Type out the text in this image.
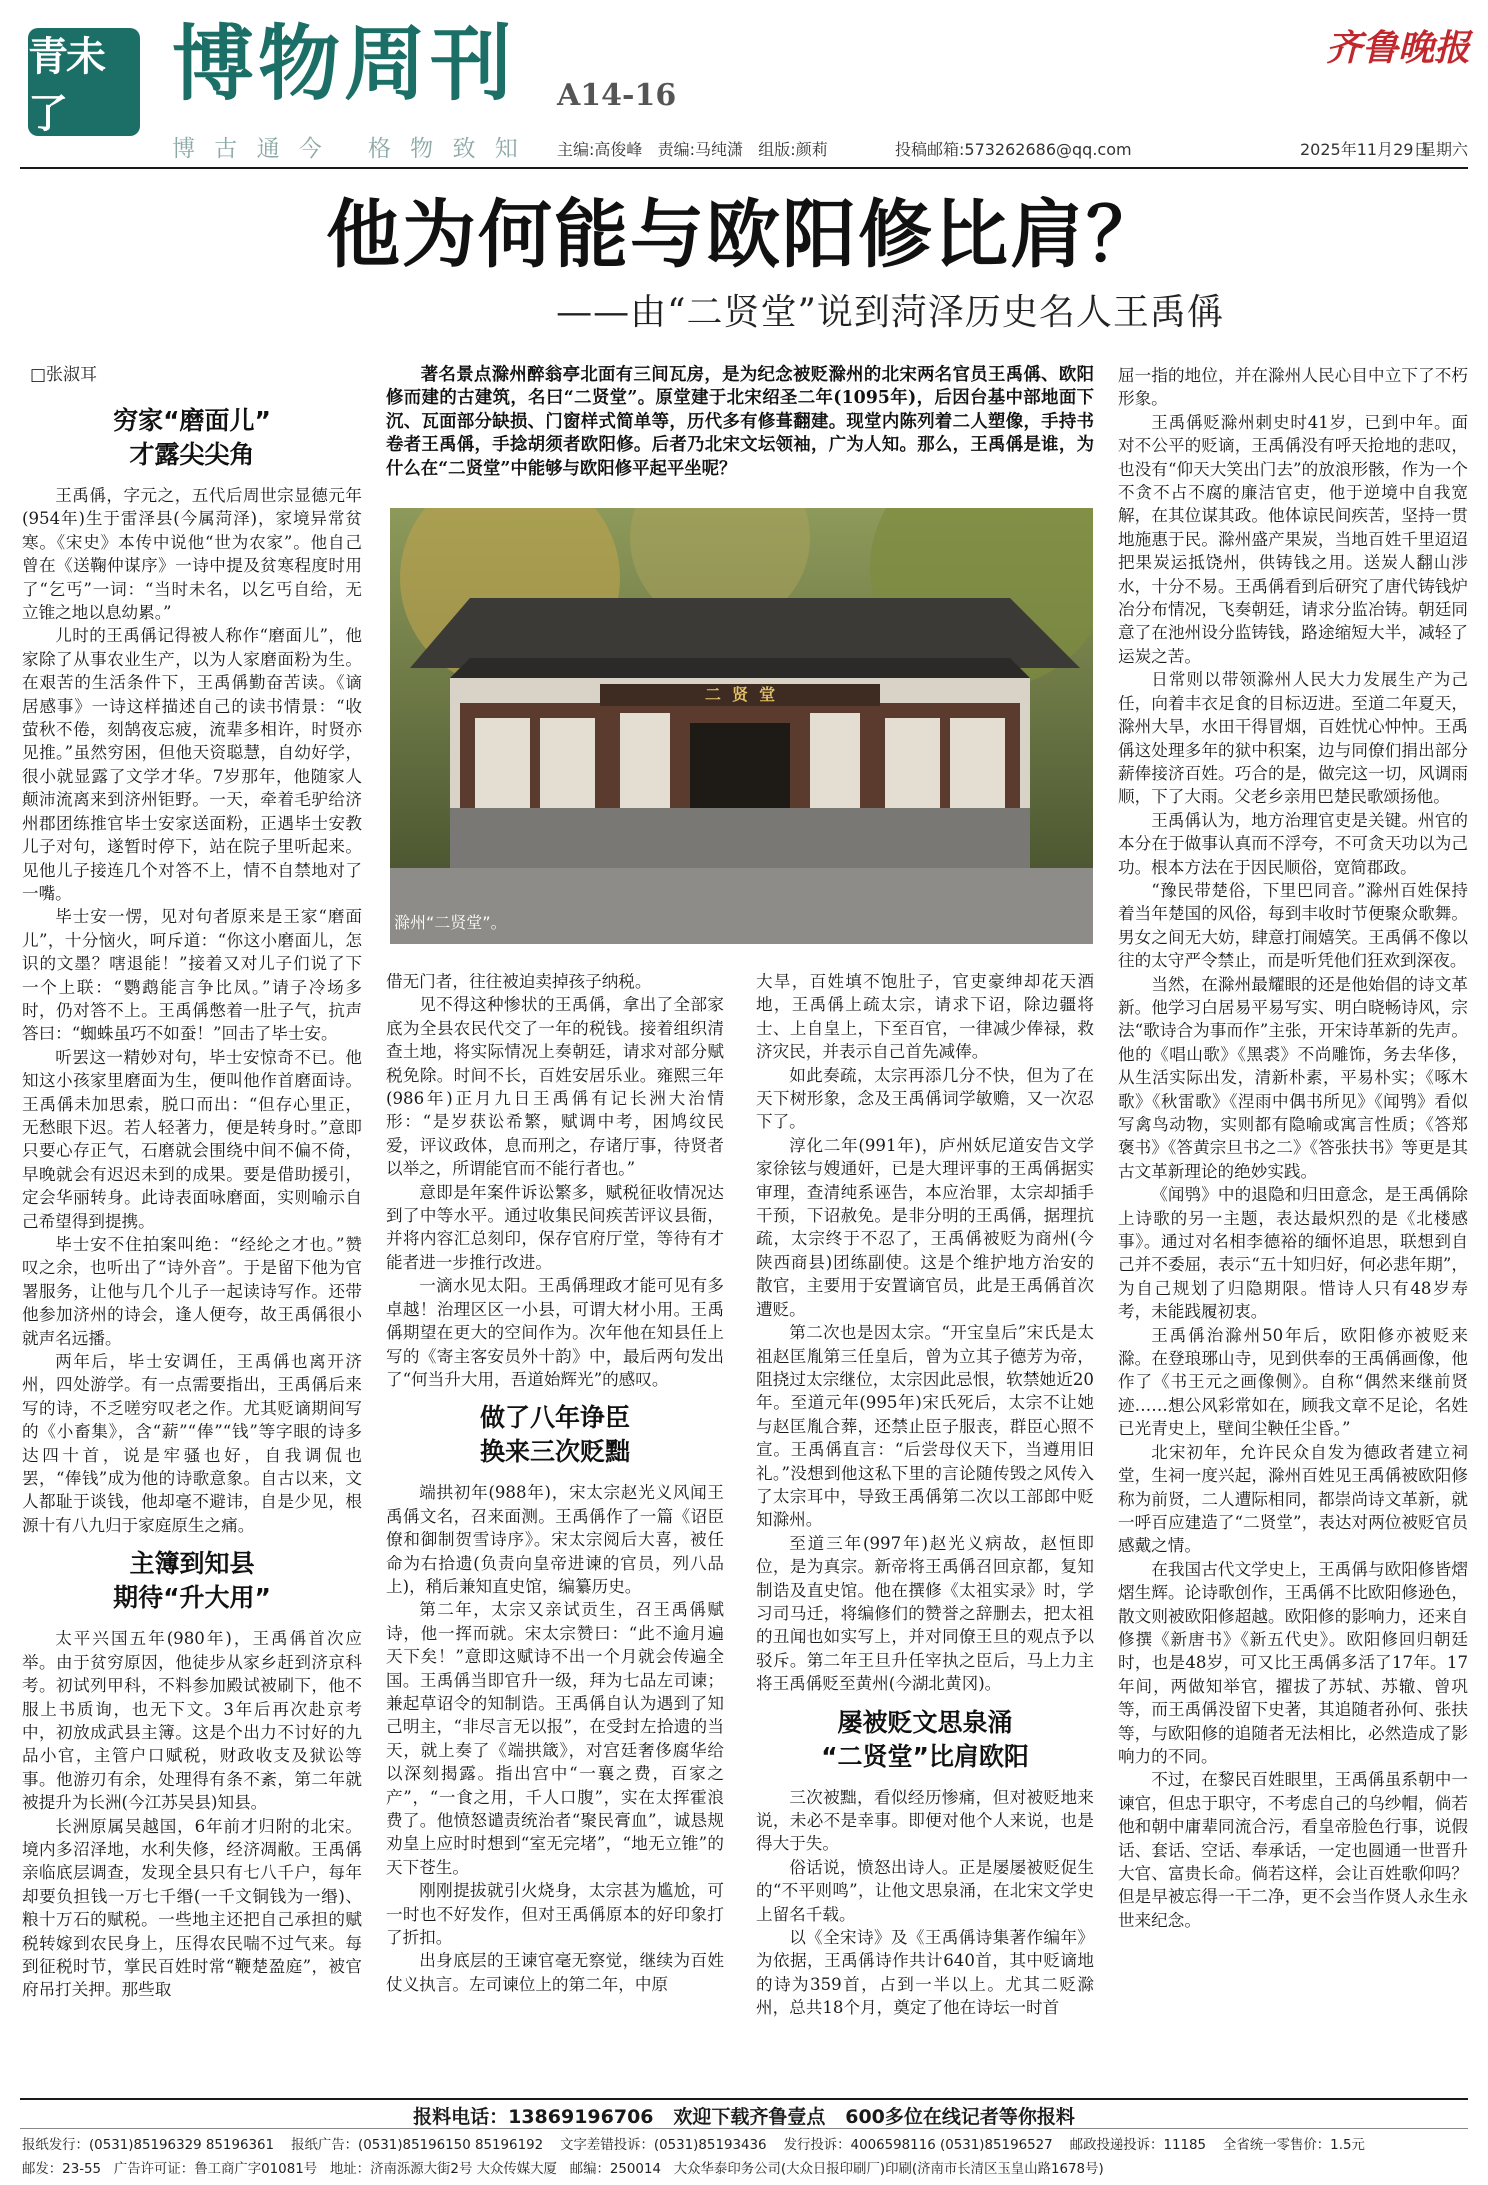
青未了
博物周刊 A14-16
齐鲁晚报
博 古 通 今   格 物 致 知 主编:高俊峰   责编:马纯潇   组版:颜莉	投稿邮箱:573262686@qq.com	2025年11月29日
星期六
他为何能与欧阳修比肩？
——由“二贤堂”说到菏泽历史名人王禹偁
□张淑耳	著名景点滁州醉翁亭北面有三间瓦房，是为纪念被贬滁州的北宋两名官员王禹偁、欧阳修而建的古建筑，名曰“二贤堂”。原堂建于北宋绍圣二年(1095年)，后因台基中部地面下沉、瓦面部分缺损、门窗样式简单等，历代多有修葺翻建。现堂内陈列着二人塑像，手持书卷者王禹偁，手捻胡须者欧阳修。后者乃北宋文坛领袖，广为人知。那么，王禹偁是谁，为什么在“二贤堂”中能够与欧阳修平起平坐呢？
二  贤  堂
滁州“二贤堂”。
穷家“磨面儿”
才露尖尖角

王禹偁，字元之，五代后周世宗显德元年(954年)生于雷泽县(今属菏泽)，家境异常贫寒。《宋史》本传中说他“世为农家”。他自己曾在《送鞠仲谋序》一诗中提及贫寒程度时用了“乞丐”一词：“当时未名，以乞丐自给，无立锥之地以息幼累。”

儿时的王禹偁记得被人称作“磨面儿”，他家除了从事农业生产，以为人家磨面粉为生。在艰苦的生活条件下，王禹偁勤奋苦读。《谪居感事》一诗这样描述自己的读书情景：“收萤秋不倦，刻鹄夜忘疲，流辈多相许，时贤亦见推。”虽然穷困，但他天资聪慧，自幼好学，很小就显露了文学才华。7岁那年，他随家人颠沛流离来到济州钜野。一天，牵着毛驴给济州郡团练推官毕士安家送面粉，正遇毕士安教儿子对句，遂暂时停下，站在院子里听起来。见他儿子接连几个对答不上，情不自禁地对了一嘴。

毕士安一愣，见对句者原来是王家“磨面儿”，十分恼火，呵斥道：“你这小磨面儿，怎识的文墨？嗐退能！”接着又对儿子们说了下一个上联：“鹦鹉能言争比凤。”请子冷场多时，仍对答不上。王禹偁憋着一肚子气，抗声答曰：“蜘蛛虽巧不如蚕！”回击了毕士安。

听罢这一精妙对句，毕士安惊奇不已。他知这小孩家里磨面为生，便叫他作首磨面诗。王禹偁未加思索，脱口而出：“但存心里正，无愁眼下迟。若人轻著力，便是转身时。”意即只要心存正气，石磨就会围绕中间不偏不倚，早晚就会有迟迟未到的成果。要是借助援引，定会华丽转身。此诗表面咏磨面，实则喻示自己希望得到提携。

毕士安不住拍案叫绝：“经纶之才也。”赞叹之余，也听出了“诗外音”。于是留下他为官署服务，让他与几个儿子一起读诗写作。还带他参加济州的诗会，逢人便夸，故王禹偁很小就声名远播。

两年后，毕士安调任，王禹偁也离开济州，四处游学。有一点需要指出，王禹偁后来写的诗，不乏嗟穷叹老之作。尤其贬谪期间写的《小畜集》，含“薪”“俸”“钱”等字眼的诗多达四十首，说是牢骚也好，自我调侃也罢，“俸钱”成为他的诗歌意象。自古以来，文人都耻于谈钱，他却毫不避讳，自是少见，根源十有八九归于家庭原生之痛。

主簿到知县
期待“升大用”

太平兴国五年(980年)，王禹偁首次应举。由于贫穷原因，他徒步从家乡赶到济京科考。初试列甲科，不料参加殿试被刷下，他不服上书质询，也无下文。3年后再次赴京考中，初放成武县主簿。这是个出力不讨好的九品小官，主管户口赋税，财政收支及狱讼等事。他游刃有余，处理得有条不紊，第二年就被提升为长洲(今江苏吴县)知县。

长洲原属吴越国，6年前才归附的北宋。境内多沼泽地，水利失修，经济凋敝。王禹偁亲临底层调查，发现全县只有七八千户，每年却要负担钱一万七千缗(一千文铜钱为一缗)、粮十万石的赋税。一些地主还把自己承担的赋税转嫁到农民身上，压得农民喘不过气来。每到征税时节，掌民百姓时常“鞭楚盈庭”，被官府吊打关押。那些取

借无门者，往往被迫卖掉孩子纳税。

见不得这种惨状的王禹偁，拿出了全部家底为全县农民代交了一年的税钱。接着组织清查土地，将实际情况上奏朝廷，请求对部分赋税免除。时间不长，百姓安居乐业。雍熙三年(986年)正月九日王禹偁有记长洲大治情形：“是岁获讼希繁，赋调中考，困鸠纹民爱，评议政体，息而刑之，存诸厅事，待贤者以举之，所谓能官而不能行者也。”

意即是年案件诉讼繁多，赋税征收情况达到了中等水平。通过收集民间疾苦评议县衙，并将内容汇总刻印，保存官府厅堂，等待有才能者进一步推行改进。

一滴水见太阳。王禹偁理政才能可见有多卓越！治理区区一小县，可谓大材小用。王禹偁期望在更大的空间作为。次年他在知县任上写的《寄主客安员外十韵》中，最后两句发出了“何当升大用，吾道始辉光”的感叹。

做了八年诤臣
换来三次贬黜

端拱初年(988年)，宋太宗赵光义风闻王禹偁文名，召来面测。王禹偁作了一篇《诏臣僚和御制贺雪诗序》。宋太宗阅后大喜，被任命为右拾遗(负责向皇帝进谏的官员，列八品上)，稍后兼知直史馆，编纂历史。

第二年，太宗又亲试贡生，召王禹偁赋诗，他一挥而就。宋太宗赞曰：“此不逾月遍天下矣！”意即这赋诗不出一个月就会传遍全国。王禹偁当即官升一级，拜为七品左司谏；兼起草诏令的知制诰。王禹偁自认为遇到了知己明主，“非尽言无以报”，在受封左拾遗的当天，就上奏了《端拱箴》，对宫廷奢侈腐华给以深刻揭露。指出宫中“一襄之费，百家之产”，“一食之用，千人口腹”，实在太挥霍浪费了。他愤怒谴责统治者“聚民膏血”，诚恳规劝皇上应时时想到“室无完堵”，“地无立锥”的天下苍生。

刚刚提拔就引火烧身，太宗甚为尴尬，可一时也不好发作，但对王禹偁原本的好印象打了折扣。

出身底层的王谏官毫无察觉，继续为百姓仗义执言。左司谏位上的第二年，中原

大旱，百姓填不饱肚子，官吏豪绅却花天酒地，王禹偁上疏太宗，请求下诏，除边疆将士、上自皇上，下至百官，一律减少俸禄，救济灾民，并表示自己首先减俸。

如此奏疏，太宗再添几分不快，但为了在天下树形象，念及王禹偁词学敏赡，又一次忍下了。

淳化二年(991年)，庐州妖尼道安告文学家徐铉与嫂通奸，已是大理评事的王禹偁据实审理，查清纯系诬告，本应治罪，太宗却插手干预，下诏赦免。是非分明的王禹偁，据理抗疏，太宗终于不忍了，王禹偁被贬为商州(今陕西商县)团练副使。这是个维护地方治安的散官，主要用于安置谪官员，此是王禹偁首次遭贬。

第二次也是因太宗。“开宝皇后”宋氏是太祖赵匡胤第三任皇后，曾为立其子德芳为帝，阻挠过太宗继位，太宗因此忌恨，软禁她近20年。至道元年(995年)宋氏死后，太宗不让她与赵匡胤合葬，还禁止臣子服丧，群臣心照不宣。王禹偁直言：“后尝母仪天下，当遵用旧礼。”没想到他这私下里的言论随传毁之风传入了太宗耳中，导致王禹偁第二次以工部郎中贬知滁州。

至道三年(997年)赵光义病故，赵恒即位，是为真宗。新帝将王禹偁召回京都，复知制诰及直史馆。他在撰修《太祖实录》时，学习司马迁，将编修们的赞誉之辞删去，把太祖的丑闻也如实写上，并对同僚王旦的观点予以驳斥。第二年王旦升任宰执之臣后，马上力主将王禹偁贬至黄州(今湖北黄冈)。

屡被贬文思泉涌
“二贤堂”比肩欧阳

三次被黜，看似经历惨痛，但对被贬地来说，未必不是幸事。即便对他个人来说，也是得大于失。

俗话说，愤怒出诗人。正是屡屡被贬促生的“不平则鸣”，让他文思泉涌，在北宋文学史上留名千载。

以《全宋诗》及《王禹偁诗集著作编年》为依据，王禹偁诗作共计640首，其中贬谪地的诗为359首，占到一半以上。尤其二贬滁州，总共18个月，奠定了他在诗坛一时首

屈一指的地位，并在滁州人民心目中立下了不朽形象。

王禹偁贬滁州刺史时41岁，已到中年。面对不公平的贬谪，王禹偁没有呼天抢地的悲叹，也没有“仰天大笑出门去”的放浪形骸，作为一个不贪不占不腐的廉洁官吏，他于逆境中自我宽解，在其位谋其政。他体谅民间疾苦，坚持一贯地施惠于民。滁州盛产果炭，当地百姓千里迢迢把果炭运抵饶州，供铸钱之用。送炭人翻山涉水，十分不易。王禹偁看到后研究了唐代铸钱炉冶分布情况，飞奏朝廷，请求分监冶铸。朝廷同意了在池州设分监铸钱，路途缩短大半，减轻了运炭之苦。

日常则以带领滁州人民大力发展生产为己任，向着丰衣足食的目标迈进。至道二年夏天，滁州大旱，水田干得冒烟，百姓忧心忡忡。王禹偁这处理多年的狱中积案，边与同僚们捐出部分薪俸接济百姓。巧合的是，做完这一切，风调雨顺，下了大雨。父老乡亲用巴楚民歌颂扬他。

王禹偁认为，地方治理官吏是关键。州官的本分在于做事认真而不浮夸，不可贪天功以为己功。根本方法在于因民顺俗，宽简郡政。

“豫民带楚俗，下里巴同音。”滁州百姓保持着当年楚国的风俗，每到丰收时节便聚众歌舞。男女之间无大妨，肆意打闹嬉笑。王禹偁不像以往的太守严令禁止，而是听凭他们狂欢到深夜。

当然，在滁州最耀眼的还是他始倡的诗文革新。他学习白居易平易写实、明白晓畅诗风，宗法“歌诗合为事而作”主张，开宋诗革新的先声。他的《唱山歌》《黑裘》不尚雕饰，务去华侈，从生活实际出发，清新朴素，平易朴实；《啄木歌》《秋雷歌》《涅雨中偶书所见》《闻鸮》看似写禽鸟动物，实则都有隐喻或寓言性质；《答郑褒书》《答黄宗旦书之二》《答张扶书》等更是其古文革新理论的绝妙实践。

《闻鸮》中的退隐和归田意念，是王禹偁除上诗歌的另一主题，表达最炽烈的是《北楼感事》。通过对名相李德裕的缅怀追思，联想到自己并不委屈，表示“五十知归好，何必悲年期”，为自己规划了归隐期限。惜诗人只有48岁寿考，未能践履初衷。

王禹偁治滁州50年后，欧阳修亦被贬来滁。在登琅琊山寺，见到供奉的王禹偁画像，他作了《书王元之画像侧》。自称“偶然来继前贤迹……想公风彩常如在，顾我文章不足论，名姓已光青史上，壁间尘鞅任尘昏。”

北宋初年，允许民众自发为德政者建立祠堂，生祠一度兴起，滁州百姓见王禹偁被欧阳修称为前贤，二人遭际相同，都崇尚诗文革新，就一呼百应建造了“二贤堂”，表达对两位被贬官员感戴之情。

在我国古代文学史上，王禹偁与欧阳修皆熠熠生辉。论诗歌创作，王禹偁不比欧阳修逊色，散文则被欧阳修超越。欧阳修的影响力，还来自修撰《新唐书》《新五代史》。欧阳修回归朝廷时，也是48岁，可又比王禹偁多活了17年。17年间，两做知举官，擢拔了苏轼、苏辙、曾巩等，而王禹偁没留下史著，其追随者孙何、张扶等，与欧阳修的追随者无法相比，必然造成了影响力的不同。

不过，在黎民百姓眼里，王禹偁虽系朝中一谏官，但忠于职守，不考虑自己的乌纱帽，倘若他和朝中庸辈同流合污，看皇帝脸色行事，说假话、套话、空话、奉承话，一定也圆通一世晋升大官、富贵长命。倘若这样，会让百姓歌仰吗？但是早被忘得一干二净，更不会当作贤人永生永世来纪念。

报料电话：13869196706   欢迎下载齐鲁壹点   600多位在线记者等你报料
报纸发行：(0531)85196329 85196361    报纸广告：(0531)85196150 85196192    文字差错投诉：(0531)85193436    发行投诉：4006598116 (0531)85196527    邮政投递投诉：11185    全省统一零售价：1.5元
邮发：23-55   广告许可证：鲁工商广字01081号   地址：济南泺源大街2号 大众传媒大厦   邮编：250014   大众华泰印务公司(大众日报印刷厂)印刷(济南市长清区玉皇山路1678号)
